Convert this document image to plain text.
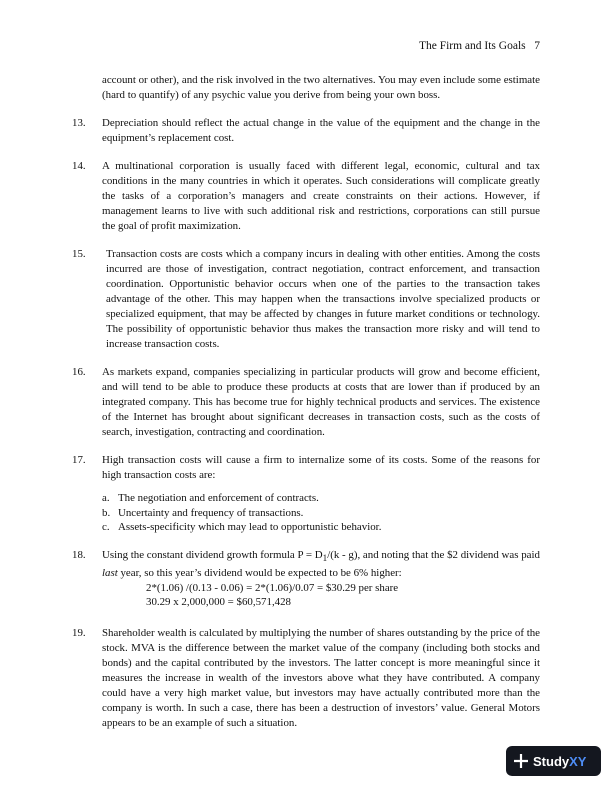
The Firm and Its Goals 7

account or other), and the risk involved in the two alternatives. You may even include some estimate (hard to quantify) of any psychic value you derive from being your own boss.

13. Depreciation should reflect the actual change in the value of the equipment and the change in the equipment’s replacement cost.

14. A multinational corporation is usually faced with different legal, economic, cultural and tax conditions in the many countries in which it operates. Such considerations will complicate greatly the tasks of a corporation’s managers and create constraints on their actions. However, if management learns to live with such additional risk and restrictions, corporations can still pursue the goal of profit maximization.

15. Transaction costs are costs which a company incurs in dealing with other entities. Among the costs incurred are those of investigation, contract negotiation, contract enforcement, and transaction coordination. Opportunistic behavior occurs when one of the parties to the transaction takes advantage of the other. This may happen when the transactions involve specialized products or specialized equipment, that may be affected by changes in future market conditions or technology. The possibility of opportunistic behavior thus makes the transaction more risky and will tend to increase transaction costs.

16. As markets expand, companies specializing in particular products will grow and become efficient, and will tend to be able to produce these products at costs that are lower than if produced by an integrated company. This has become true for highly technical products and services. The existence of the Internet has brought about significant decreases in transaction costs, such as the costs of search, investigation, contracting and coordination.

17. High transaction costs will cause a firm to internalize some of its costs. Some of the reasons for high transaction costs are:

a. The negotiation and enforcement of contracts.
b. Uncertainty and frequency of transactions.
c. Assets-specificity which may lead to opportunistic behavior.
18. Using the constant dividend growth formula $P = D_1/(k - g)$, and noting that the $2 dividend was paid last year, so this year’s dividend would be expected to be 6% higher:

2*(1.06) /(0.13 - 0.06) = 2*(1.06)/0.07 = $30.29 per share
30.29 x 2,000,000 = $60,571,428
19. Shareholder wealth is calculated by multiplying the number of shares outstanding by the price of the stock. MVA is the difference between the market value of the company (including both stocks and bonds) and the capital contributed by the investors. The latter concept is more meaningful since it measures the increase in wealth of the investors above what they have contributed. A company could have a very high market value, but investors may have actually contributed more than the company is worth. In such a case, there has been a destruction of investors’ value. General Motors appears to be an example of such a situation.

StudyXY
